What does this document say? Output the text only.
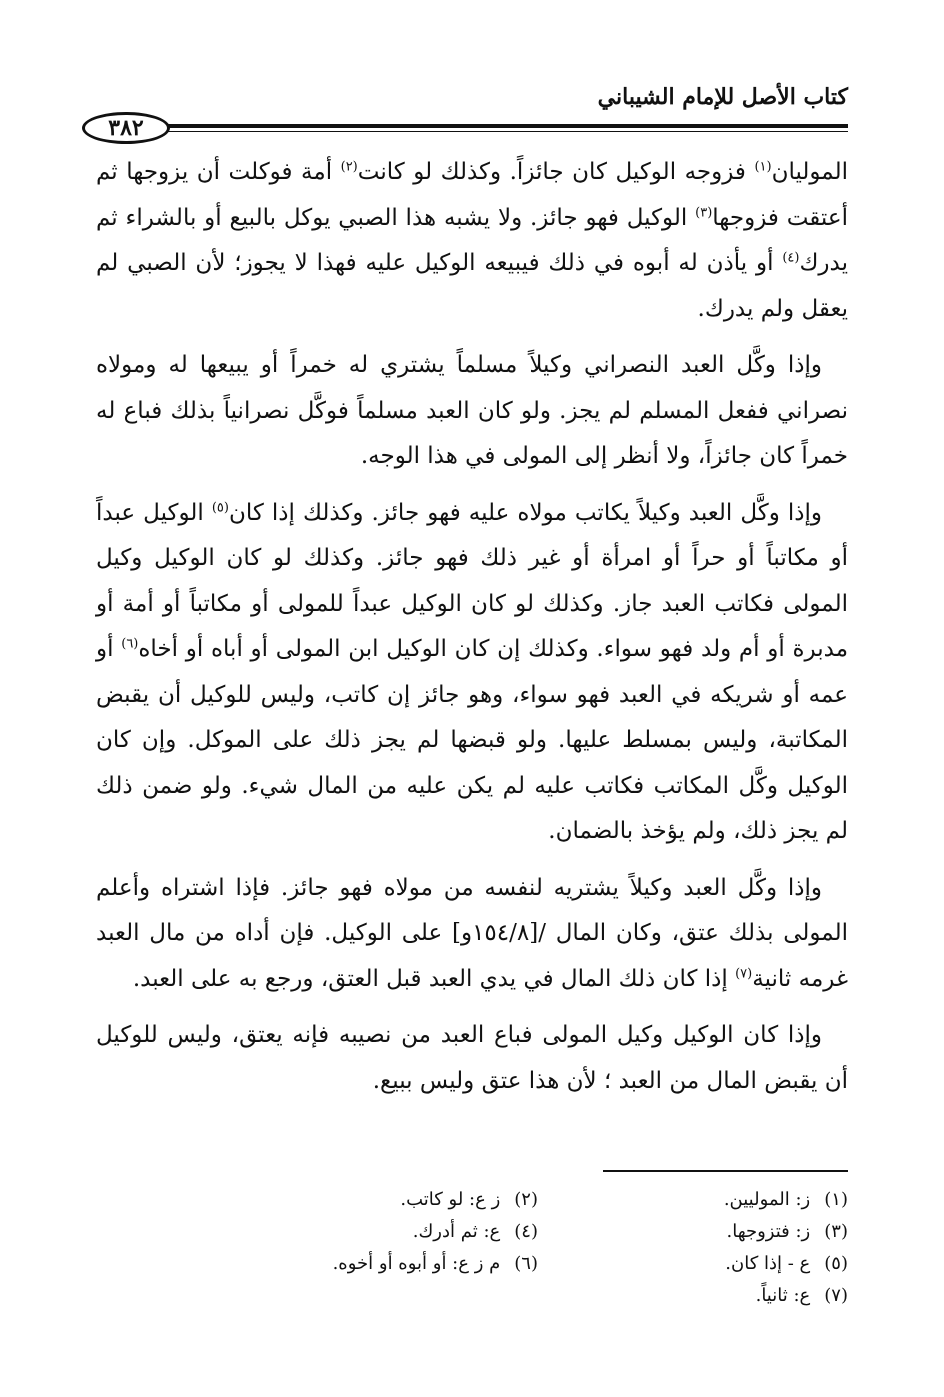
كتاب الأصل للإمام الشيباني
٣٨٢

الموليان$^{(١)}$ فزوجه الوكيل كان جائزاً. وكذلك لو كانت$^{(٢)}$ أمة فوكلت أن يزوجها ثم أعتقت فزوجها$^{(٣)}$ الوكيل فهو جائز. ولا يشبه هذا الصبي يوكل بالبيع أو بالشراء ثم يدرك$^{(٤)}$ أو يأذن له أبوه في ذلك فيبيعه الوكيل عليه فهذا لا يجوز؛ لأن الصبي لم يعقل ولم يدرك.

وإذا وكَّل العبد النصراني وكيلاً مسلماً يشتري له خمراً أو يبيعها له ومولاه نصراني ففعل المسلم لم يجز. ولو كان العبد مسلماً فوكَّل نصرانياً بذلك فباع له خمراً كان جائزاً، ولا أنظر إلى المولى في هذا الوجه.

وإذا وكَّل العبد وكيلاً يكاتب مولاه عليه فهو جائز. وكذلك إذا كان$^{(٥)}$ الوكيل عبداً أو مكاتباً أو حراً أو امرأة أو غير ذلك فهو جائز. وكذلك لو كان الوكيل وكيل المولى فكاتب العبد جاز. وكذلك لو كان الوكيل عبداً للمولى أو مكاتباً أو أمة أو مدبرة أو أم ولد فهو سواء. وكذلك إن كان الوكيل ابن المولى أو أباه أو أخاه$^{(٦)}$ أو عمه أو شريكه في العبد فهو سواء، وهو جائز إن كاتب، وليس للوكيل أن يقبض المكاتبة، وليس بمسلط عليها. ولو قبضها لم يجز ذلك على الموكل. وإن كان الوكيل وكَّل المكاتب فكاتب عليه لم يكن عليه من المال شيء. ولو ضمن ذلك لم يجز ذلك، ولم يؤخذ بالضمان.

وإذا وكَّل العبد وكيلاً يشتريه لنفسه من مولاه فهو جائز. فإذا اشتراه وأعلم المولى بذلك عتق، وكان المال /[١٥٤/٨و] على الوكيل. فإن أداه من مال العبد غرمه ثانية$^{(٧)}$ إذا كان ذلك المال في يدي العبد قبل العتق، ورجع به على العبد.

وإذا كان الوكيل وكيل المولى فباع العبد من نصيبه فإنه يعتق، وليس للوكيل أن يقبض المال من العبد ؛ لأن هذا عتق وليس ببيع.

(١) ز: الموليين.
(٢) ز ع: لو كاتب.
(٣) ز: فتزوجها.
(٤) ع: ثم أدرك.
(٥) ع - إذا كان.
(٦) م ز ع: أو أبوه أو أخوه.
(٧) ع: ثانياً.
